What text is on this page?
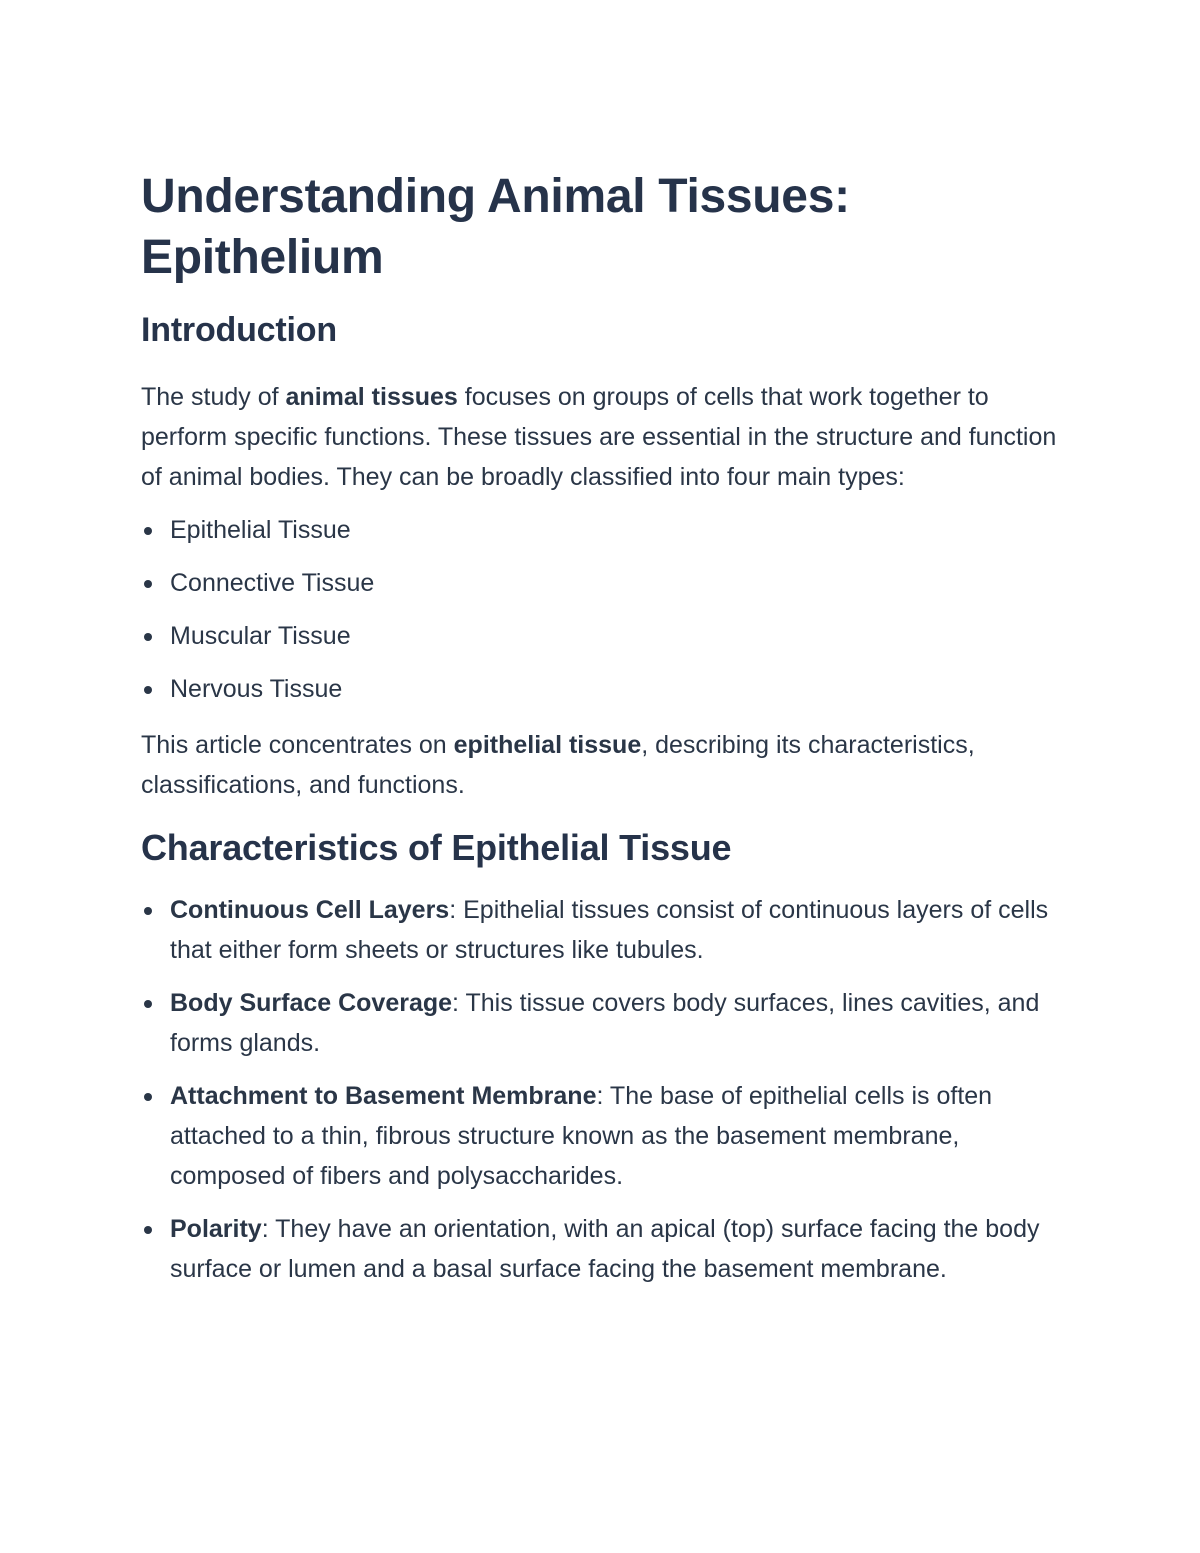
Understanding Animal Tissues: Epithelium
Introduction

The study of animal tissues focuses on groups of cells that work together to perform specific functions. These tissues are essential in the structure and function of animal bodies. They can be broadly classified into four main types:

Epithelial Tissue
Connective Tissue
Muscular Tissue
Nervous Tissue

This article concentrates on epithelial tissue, describing its characteristics, classifications, and functions.

Characteristics of Epithelial Tissue
Continuous Cell Layers: Epithelial tissues consist of continuous layers of cells that either form sheets or structures like tubules.
Body Surface Coverage: This tissue covers body surfaces, lines cavities, and forms glands.
Attachment to Basement Membrane: The base of epithelial cells is often attached to a thin, fibrous structure known as the basement membrane, composed of fibers and polysaccharides.
Polarity: They have an orientation, with an apical (top) surface facing the body surface or lumen and a basal surface facing the basement membrane.
